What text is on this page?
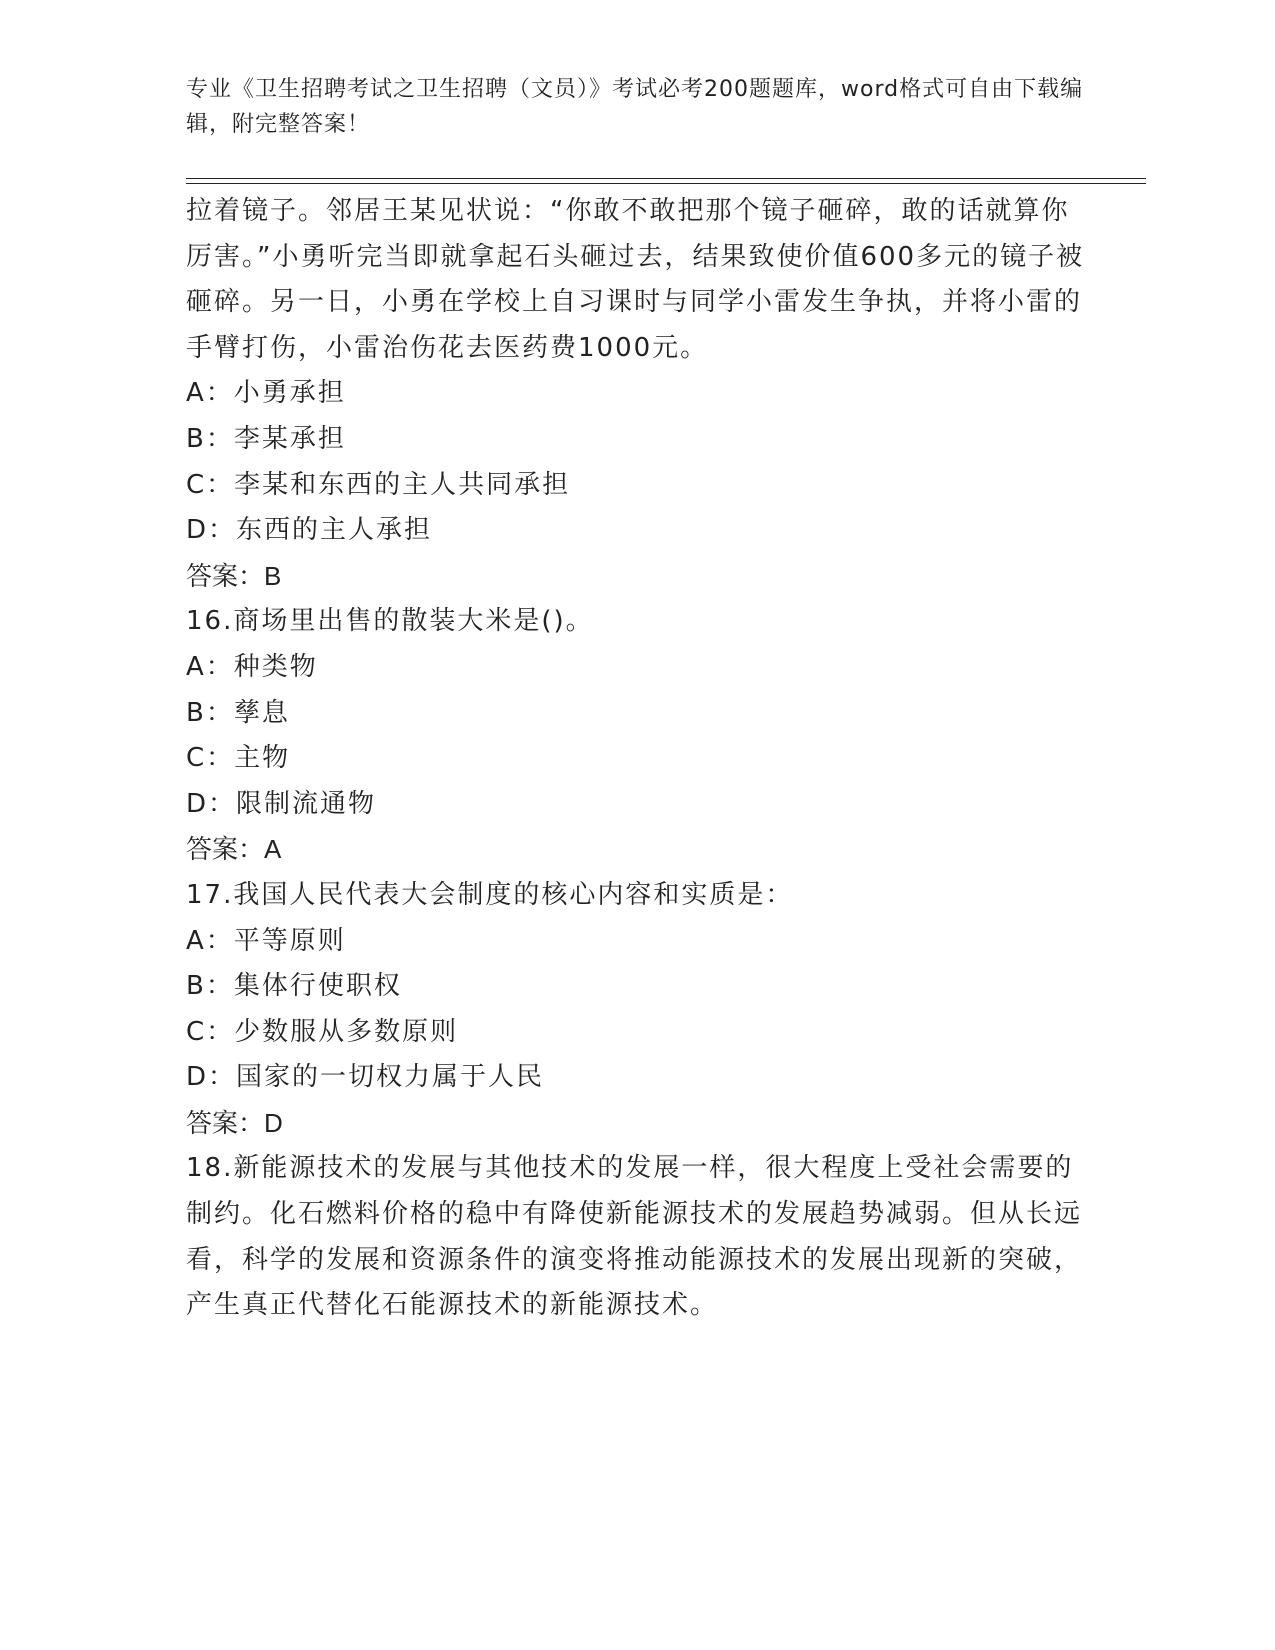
专业《卫生招聘考试之卫生招聘（文员）》考试必考200题题库，word格式可自由下载编辑，附完整答案！

拉着镜子。邻居王某见状说：“你敢不敢把那个镜子砸碎，敢的话就算你厉害。”小勇听完当即就拿起石头砸过去，结果致使价值600多元的镜子被砸碎。另一日，小勇在学校上自习课时与同学小雷发生争执，并将小雷的手臂打伤，小雷治伤花去医药费1000元。

A：小勇承担

B：李某承担

C：李某和东西的主人共同承担

D：东西的主人承担

答案：B

16.商场里出售的散装大米是()。

A：种类物

B：孳息

C：主物

D：限制流通物

答案：A

17.我国人民代表大会制度的核心内容和实质是：

A：平等原则

B：集体行使职权

C：少数服从多数原则

D：国家的一切权力属于人民

答案：D

18.新能源技术的发展与其他技术的发展一样，很大程度上受社会需要的制约。化石燃料价格的稳中有降使新能源技术的发展趋势减弱。但从长远看，科学的发展和资源条件的演变将推动能源技术的发展出现新的突破，产生真正代替化石能源技术的新能源技术。
